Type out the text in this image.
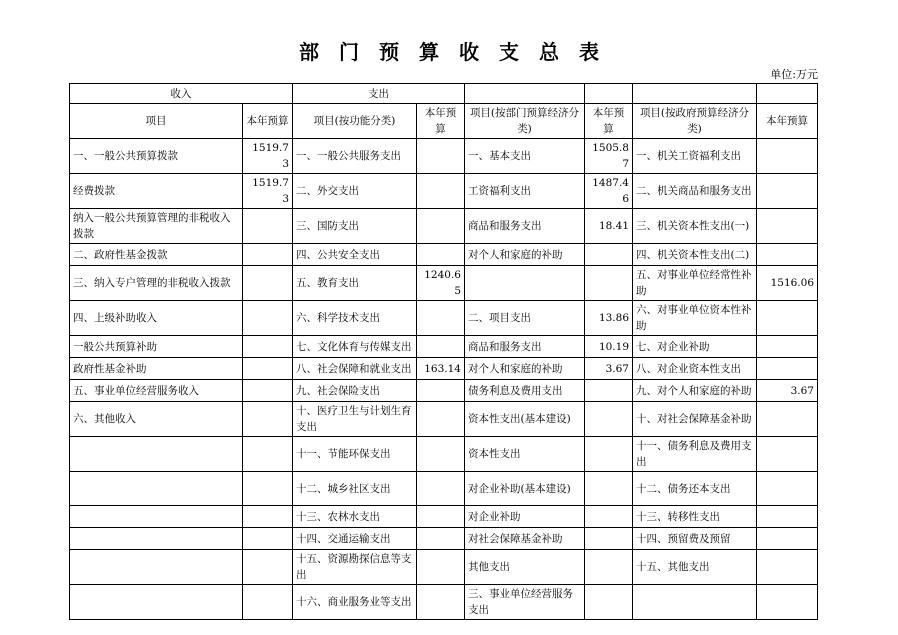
部门预算收支总表
单位:万元
收入		支出					
项目	本年预算	项目(按功能分类)	本年预算	项目(按部门预算经济分类)	本年预算	项目(按政府预算经济分类)	本年预算
一、一般公共预算拨款	1519.73	一、一般公共服务支出		一、基本支出	1505.87	一、机关工资福利支出	
经费拨款	1519.73	二、外交支出		工资福利支出	1487.46	二、机关商品和服务支出	
纳入一般公共预算管理的非税收入拨款		三、国防支出		商品和服务支出	18.41	三、机关资本性支出(一)	
二、政府性基金拨款		四、公共安全支出		对个人和家庭的补助		四、机关资本性支出(二)	
三、纳入专户管理的非税收入拨款		五、教育支出	1240.65			五、对事业单位经常性补助	1516.06
四、上级补助收入		六、科学技术支出		二、项目支出	13.86	六、对事业单位资本性补助	
一般公共预算补助		七、文化体育与传媒支出		商品和服务支出	10.19	七、对企业补助	
政府性基金补助		八、社会保障和就业支出	163.14	对个人和家庭的补助	3.67	八、对企业资本性支出	
五、事业单位经营服务收入		九、社会保险支出		债务利息及费用支出		九、对个人和家庭的补助	3.67
六、其他收入		十、医疗卫生与计划生育支出		资本性支出(基本建设)		十、对社会保障基金补助	
		十一、节能环保支出		资本性支出		十一、债务利息及费用支出	
		十二、城乡社区支出		对企业补助(基本建设)		十二、债务还本支出	
		十三、农林水支出		对企业补助		十三、转移性支出	
		十四、交通运输支出		对社会保障基金补助		十四、预留费及预留	
		十五、资源勘探信息等支出		其他支出		十五、其他支出	
		十六、商业服务业等支出		三、事业单位经营服务支出			
